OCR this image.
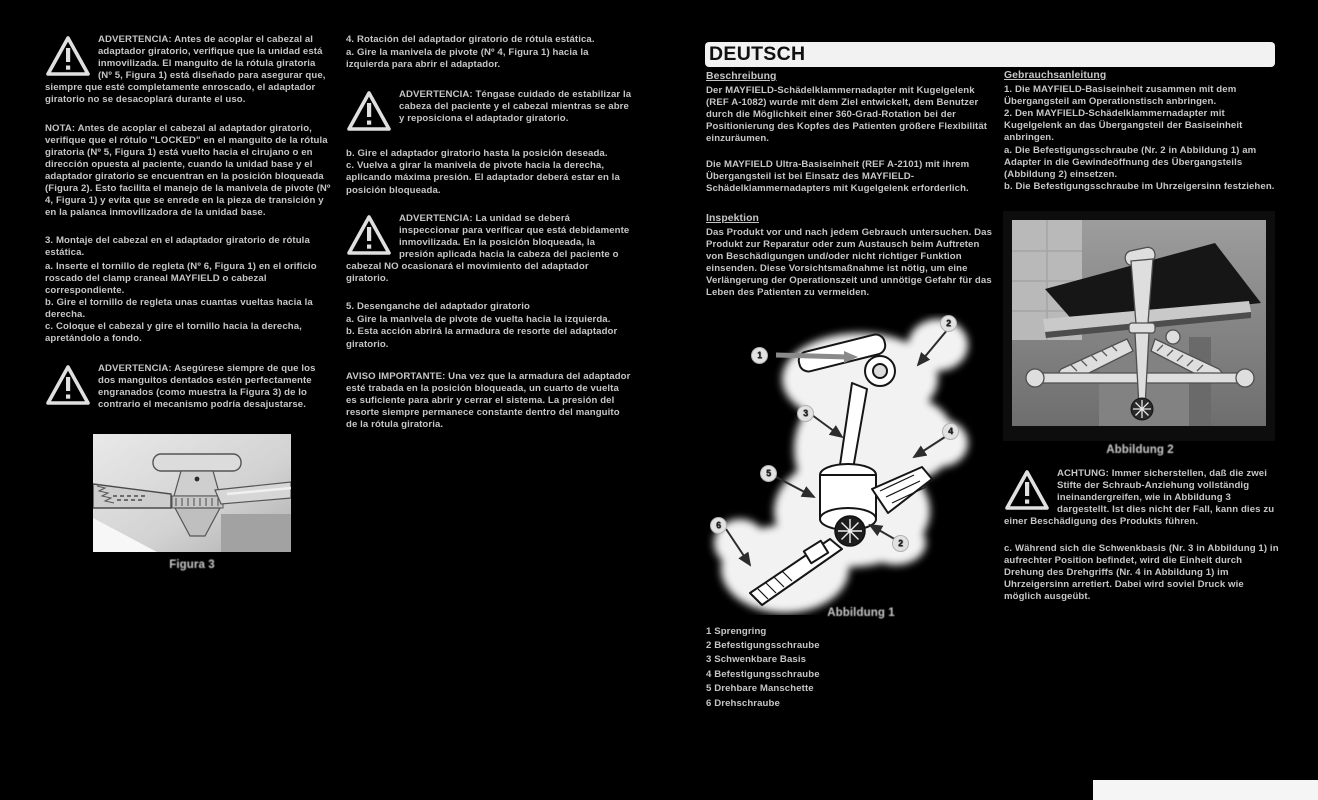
ADVERTENCIA: Antes de acoplar el cabezal al adaptador giratorio, verifique que la unidad está inmovilizada. El manguito de la rótula giratoria (Nº 5, Figura 1) está diseñado para asegurar que, siempre que esté completamente enroscado, el adaptador giratorio no se desacoplará durante el uso.
NOTA: Antes de acoplar el cabezal al adaptador giratorio, verifique que el rótulo "LOCKED" en el manguito de la rótula giratoria (Nº 5, Figura 1) está vuelto hacia el cirujano o en dirección opuesta al paciente, cuando la unidad base y el adaptador giratorio se encuentran en la posición bloqueada (Figura 2). Esto facilita el manejo de la manivela de pivote (Nº 4, Figura 1) y evita que se enrede en la pieza de transición y en la palanca inmovilizadora de la unidad base.
3. Montaje del cabezal en el adaptador giratorio de rótula estática.
a. Inserte el tornillo de regleta (Nº 6, Figura 1) en el orificio roscado del clamp craneal MAYFIELD o cabezal correspondiente.
b. Gire el tornillo de regleta unas cuantas vueltas hacia la derecha.
c. Coloque el cabezal y gire el tornillo hacia la derecha, apretándolo a fondo.
ADVERTENCIA: Asegúrese siempre de que los dos manguitos dentados estén perfectamente engranados (como muestra la Figura 3) de lo contrario el mecanismo podría desajustarse.
Figura 3
4. Rotación del adaptador giratorio de rótula estática.
a. Gire la manivela de pivote (Nº 4, Figura 1) hacia la izquierda para abrir el adaptador.
ADVERTENCIA: Téngase cuidado de estabilizar la cabeza del paciente y el cabezal mientras se abre y reposiciona el adaptador giratorio.
b. Gire el adaptador giratorio hasta la posición deseada.
c. Vuelva a girar la manivela de pivote hacia la derecha, aplicando máxima presión. El adaptador deberá estar en la posición bloqueada.
ADVERTENCIA: La unidad se deberá inspeccionar para verificar que está debidamente inmovilizada. En la posición bloqueada, la presión aplicada hacia la cabeza del paciente o cabezal NO ocasionará el movimiento del adaptador giratorio.
5. Desenganche del adaptador giratorio
a. Gire la manivela de pivote de vuelta hacia la izquierda.
b. Esta acción abrirá la armadura de resorte del adaptador giratorio.
AVISO IMPORTANTE: Una vez que la armadura del adaptador esté trabada en la posición bloqueada, un cuarto de vuelta es suficiente para abrir y cerrar el sistema. La presión del resorte siempre permanece constante dentro del manguito de la rótula giratoria.
DEUTSCH
Beschreibung
Der MAYFIELD-Schädelklammernadapter mit Kugelgelenk (REF A-1082) wurde mit dem Ziel entwickelt, dem Benutzer durch die Möglichkeit einer 360-Grad-Rotation bei der Positionierung des Kopfes des Patienten größere Flexibilität einzuräumen.
Die MAYFIELD Ultra-Basiseinheit (REF A-2101) mit ihrem Übergangsteil ist bei Einsatz des MAYFIELD-Schädelklammernadapters mit Kugelgelenk erforderlich.
Inspektion
Das Produkt vor und nach jedem Gebrauch untersuchen. Das Produkt zur Reparatur oder zum Austausch beim Auftreten von Beschädigungen und/oder nicht richtiger Funktion einsenden. Diese Vorsichtsmaßnahme ist nötig, um eine Verlängerung der Operationszeit und unnötige Gefahr für das Leben des Patienten zu vermeiden.
1
2
3
4
5
6
2
Abbildung 1
1 Sprengring
2 Befestigungsschraube
3 Schwenkbare Basis
4 Befestigungsschraube
5 Drehbare Manschette
6 Drehschraube
Gebrauchsanleitung
1. Die MAYFIELD-Basiseinheit zusammen mit dem Übergangsteil am Operationstisch anbringen.
2. Den MAYFIELD-Schädelklammernadapter mit Kugelgelenk an das Übergangsteil der Basiseinheit anbringen.
a. Die Befestigungsschraube (Nr. 2 in Abbildung 1) am Adapter in die Gewindeöffnung des Übergangsteils (Abbildung 2) einsetzen.
b. Die Befestigungsschraube im Uhrzeigersinn festziehen.
Abbildung 2
ACHTUNG: Immer sicherstellen, daß die zwei Stifte der Schraub-Anziehung vollständig ineinandergreifen, wie in Abbildung 3 dargestellt. Ist dies nicht der Fall, kann dies zu einer Beschädigung des Produkts führen.
c. Während sich die Schwenkbasis (Nr. 3 in Abbildung 1) in aufrechter Position befindet, wird die Einheit durch Drehung des Drehgriffs (Nr. 4 in Abbildung 1) im Uhrzeigersinn arretiert. Dabei wird soviel Druck wie möglich ausgeübt.
